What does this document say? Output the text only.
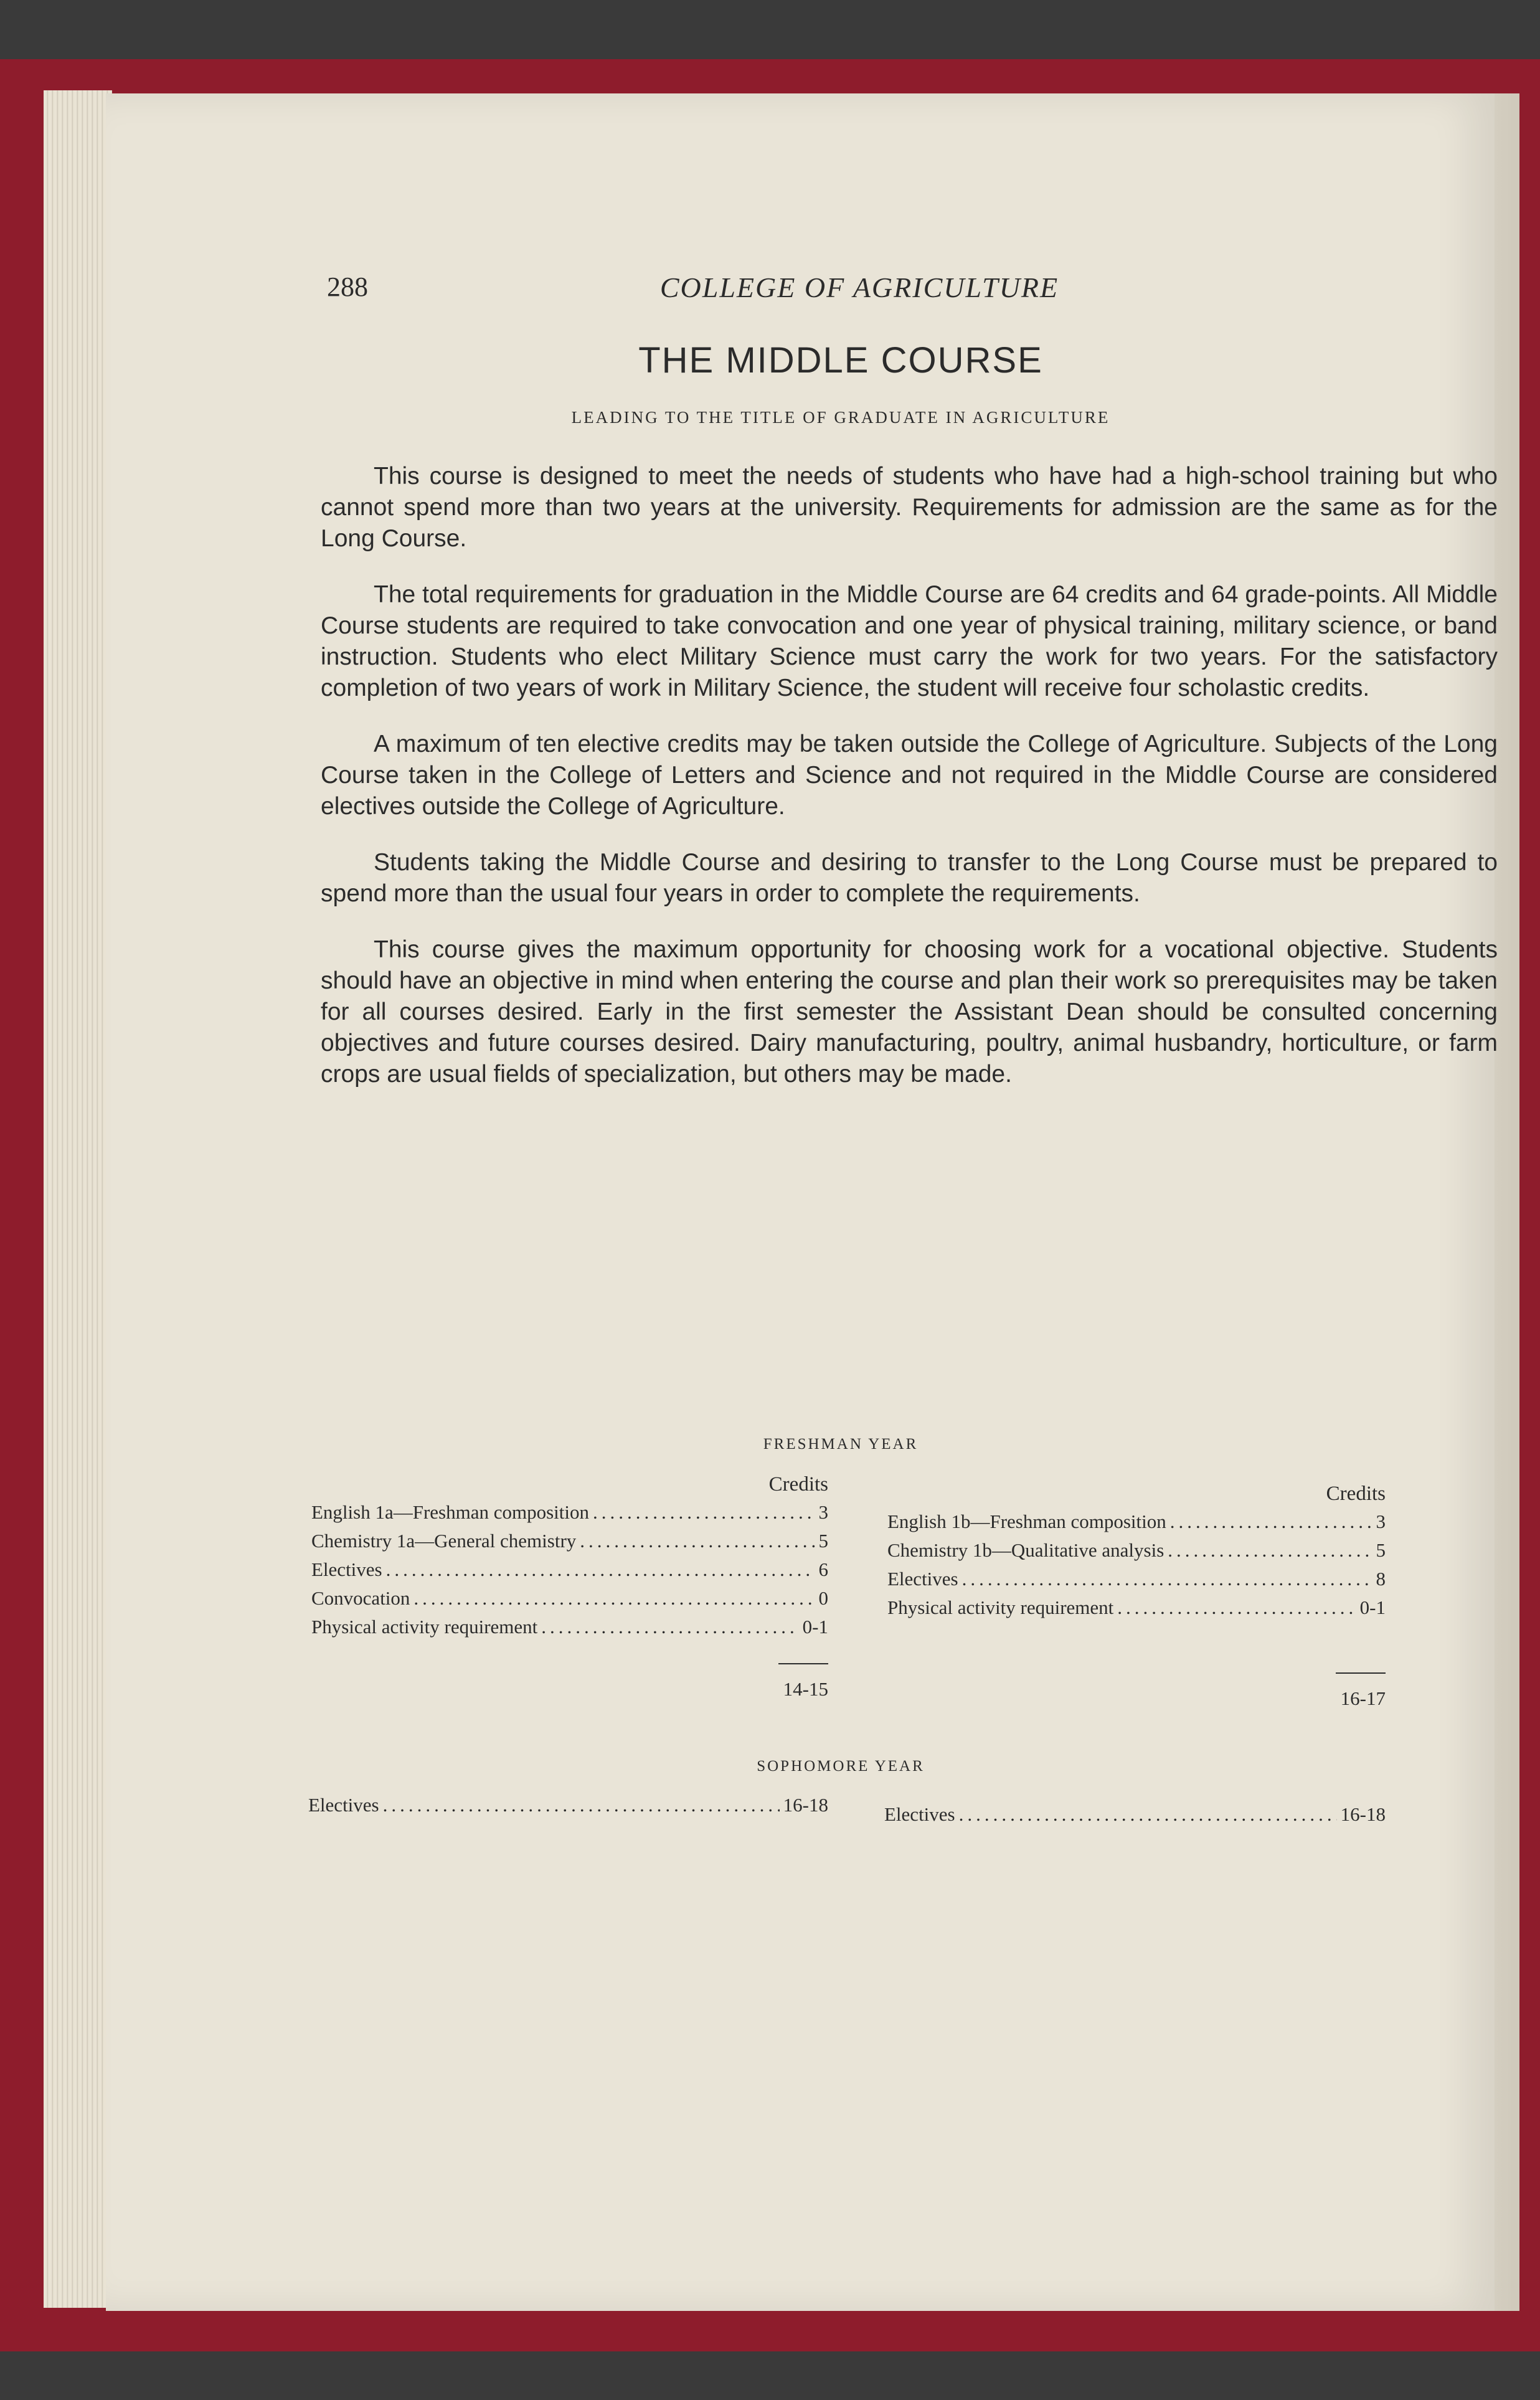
288	COLLEGE OF AGRICULTURE
THE MIDDLE COURSE
LEADING TO THE TITLE OF GRADUATE IN AGRICULTURE

This course is designed to meet the needs of students who have had a high-school training but who cannot spend more than two years at the university. Requirements for admission are the same as for the Long Course.

The total requirements for graduation in the Middle Course are 64 credits and 64 grade-points. All Middle Course students are required to take convocation and one year of physical training, military science, or band instruction. Students who elect Military Science must carry the work for two years. For the satisfactory completion of two years of work in Military Science, the student will receive four scholastic credits.

A maximum of ten elective credits may be taken outside the College of Agriculture. Subjects of the Long Course taken in the College of Letters and Science and not required in the Middle Course are considered electives outside the College of Agriculture.

Students taking the Middle Course and desiring to transfer to the Long Course must be prepared to spend more than the usual four years in order to complete the requirements.

This course gives the maximum opportunity for choosing work for a vocational objective. Students should have an objective in mind when entering the course and plan their work so prerequisites may be taken for all courses desired. Early in the first semester the Assistant Dean should be consulted concerning objectives and future courses desired. Dairy manufacturing, poultry, animal husbandry, horticulture, or farm crops are usual fields of specialization, but others may be made.

FRESHMAN YEAR
Credits
English 1a—Freshman composition .....	3
Chemistry 1a—General chemistry .....	5
Electives .....	6
Convocation .....	0
Physical activity requirement .....	0-1
14-15
Credits
English 1b—Freshman composition .....	3
Chemistry 1b—Qualitative analysis .....	5
Electives .....	8
Physical activity requirement .....	0-1
16-17
SOPHOMORE YEAR
Electives .....	16-18	Electives .....	16-18
